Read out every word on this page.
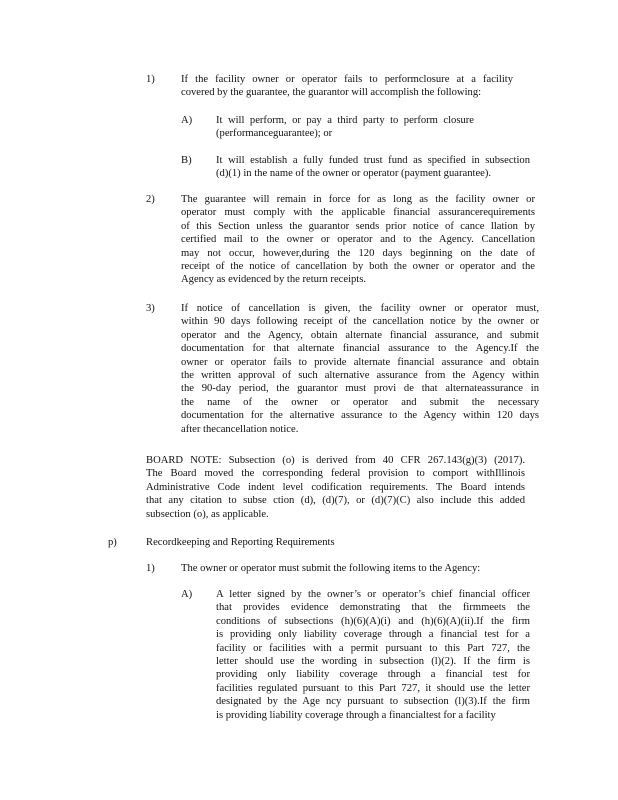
1) If the facility owner or operator fails to performclosure at a facility
covered by the guarantee, the guarantor will accomplish the following:
A) It will perform, or pay a third party to perform closure
(performanceguarantee); or
B) It will establish a fully funded trust fund as specified in subsection
(d)(1) in the name of the owner or operator (payment guarantee).
2) The guarantee will remain in force for as long as the facility owner or
operator must comply with the applicable financial assurancerequirements
of this Section unless the guarantor sends prior notice of cance llation by
certified mail to the owner or operator and to the Agency. Cancellation
may not occur, however,during the 120 days beginning on the date of
receipt of the notice of cancellation by both the owner or operator and the
Agency as evidenced by the return receipts.
3) If notice of cancellation is given, the facility owner or operator must,
within 90 days following receipt of the cancellation notice by the owner or
operator and the Agency, obtain alternate financial assurance, and submit
documentation for that alternate financial assurance to the Agency.If the
owner or operator fails to provide alternate financial assurance and obtain
the written approval of such alternative assurance from the Agency within
the 90-day period, the guarantor must provi de that alternateassurance in
the name of the owner or operator and submit the necessary
documentation for the alternative assurance to the Agency within 120 days
after thecancellation notice.
BOARD NOTE: Subsection (o) is derived from 40 CFR 267.143(g)(3) (2017).
The Board moved the corresponding federal provision to comport withIllinois
Administrative Code indent level codification requirements. The Board intends
that any citation to subse ction (d), (d)(7), or (d)(7)(C) also include this added
subsection (o), as applicable.
p)	Recordkeeping and Reporting Requirements
1) The owner or operator must submit the following items to the Agency:
A) A letter signed by the owner’s or operator’s chief financial officer
that provides evidence demonstrating that the firmmeets the
conditions of subsections (h)(6)(A)(i) and (h)(6)(A)(ii).If the firm
is providing only liability coverage through a financial test for a
facility or facilities with a permit pursuant to this Part 727, the
letter should use the wording in subsection (l)(2). If the firm is
providing only liability coverage through a financial test for
facilities regulated pursuant to this Part 727, it should use the letter
designated by the Age ncy pursuant to subsection (l)(3).If the firm
is providing liability coverage through a financialtest for a facility
